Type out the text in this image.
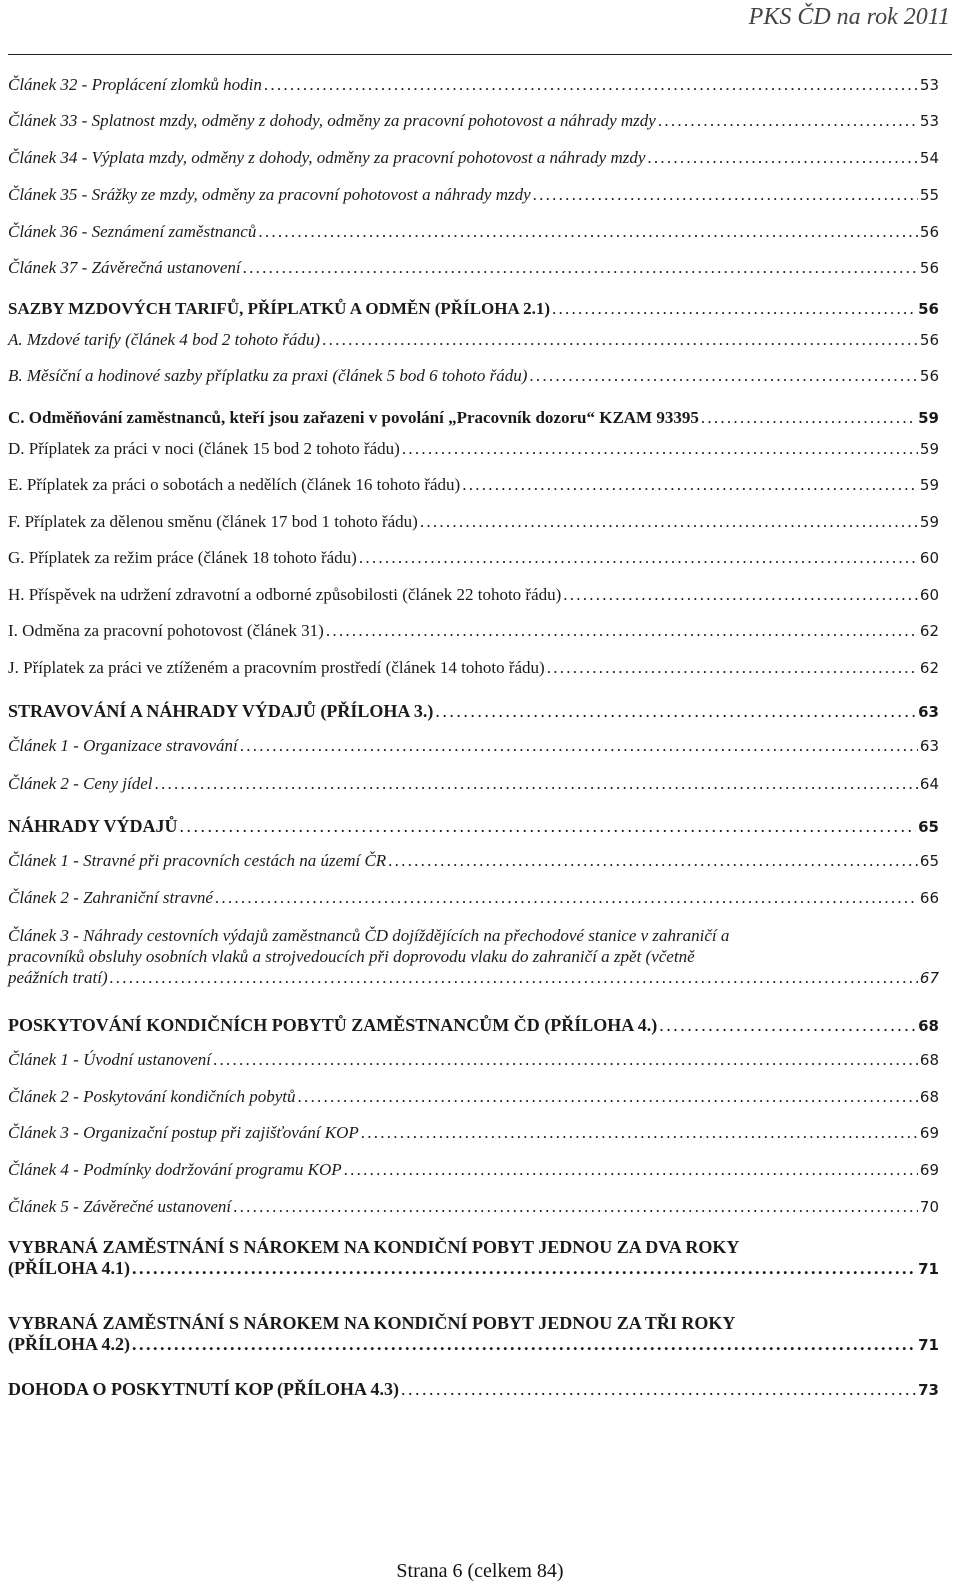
PKS ČD na rok 2011
Článek 32 - Proplácení zlomků hodin . . .	53
Článek 33 - Splatnost mzdy, odměny z dohody, odměny za pracovní pohotovost a náhrady mzdy . . .	53
Článek 34 - Výplata mzdy, odměny z dohody, odměny za pracovní pohotovost a náhrady mzdy . . .	54
Článek 35 - Srážky ze mzdy, odměny za pracovní pohotovost a náhrady mzdy . . .	55
Článek 36 - Seznámení zaměstnanců . . .	56
Článek 37 - Závěrečná ustanovení . . .	56
SAZBY MZDOVÝCH TARIFŮ, PŘÍPLATKŮ A ODMĚN (PŘÍLOHA 2.1) . . .	56
A. Mzdové tarify (článek 4 bod 2 tohoto řádu) . . .	56
B. Měsíční a hodinové sazby příplatku za praxi (článek 5 bod 6 tohoto řádu) . . .	56
C. Odměňování zaměstnanců, kteří jsou zařazeni v povolání „Pracovník dozoru“ KZAM 93395 . . .	59
D. Příplatek za práci v noci (článek 15 bod 2 tohoto řádu) . . .	59
E. Příplatek za práci o sobotách a nedělích (článek 16 tohoto řádu) . . .	59
F. Příplatek za dělenou směnu (článek 17 bod 1 tohoto řádu) . . .	59
G. Příplatek za režim práce (článek 18 tohoto řádu) . . .	60
H. Příspěvek na udržení zdravotní a odborné způsobilosti (článek 22 tohoto řádu) . . .	60
I. Odměna za pracovní pohotovost (článek 31) . . .	62
J. Příplatek za práci ve ztíženém a pracovním prostředí (článek 14 tohoto řádu) . . .	62
STRAVOVÁNÍ A NÁHRADY VÝDAJŮ (PŘÍLOHA 3.) . . .	63
Článek 1 - Organizace stravování . . .	63
Článek 2 - Ceny jídel . . .	64
NÁHRADY VÝDAJŮ . . .	65
Článek 1 - Stravné při pracovních cestách na území ČR . . .	65
Článek 2 - Zahraniční stravné . . .	66
Článek 3 - Náhrady cestovních výdajů zaměstnanců ČD dojíždějících na přechodové stanice v zahraničí a
pracovníků obsluhy osobních vlaků a strojvedoucích při doprovodu vlaku do zahraničí a zpět (včetně
peážních tratí) . . .	67
POSKYTOVÁNÍ KONDIČNÍCH POBYTŮ ZAMĚSTNANCŮM ČD (PŘÍLOHA 4.) . . .	68
Článek 1 - Úvodní ustanovení . . .	68
Článek 2 - Poskytování kondičních pobytů . . .	68
Článek 3 - Organizační postup při zajišťování KOP . . .	69
Článek 4 - Podmínky dodržování programu KOP . . .	69
Článek 5 - Závěrečné ustanovení . . .	70
VYBRANÁ ZAMĚSTNÁNÍ S NÁROKEM NA KONDIČNÍ POBYT JEDNOU ZA DVA ROKY
(PŘÍLOHA 4.1) . . .	71
VYBRANÁ ZAMĚSTNÁNÍ S NÁROKEM NA KONDIČNÍ POBYT JEDNOU ZA TŘI ROKY
(PŘÍLOHA 4.2) . . .	71
DOHODA O POSKYTNUTÍ KOP (PŘÍLOHA 4.3) . . .	73
Strana 6 (celkem 84)
